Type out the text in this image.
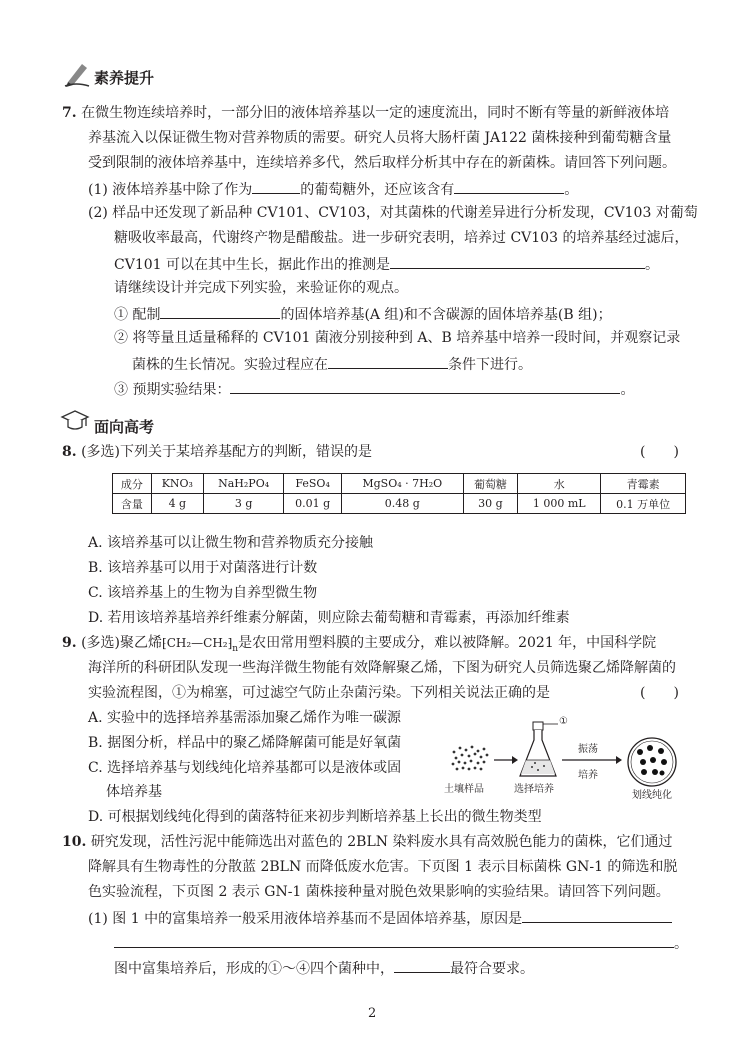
素养提升
7. 在微生物连续培养时，一部分旧的液体培养基以一定的速度流出，同时不断有等量的新鲜液体培
养基流入以保证微生物对营养物质的需要。研究人员将大肠杆菌 JA122 菌株接种到葡萄糖含量
受到限制的液体培养基中，连续培养多代，然后取样分析其中存在的新菌株。请回答下列问题。
(1) 液体培养基中除了作为	的葡萄糖外，还应该含有	。
(2) 样品中还发现了新品种 CV101、CV103，对其菌株的代谢差异进行分析发现，CV103 对葡萄
糖吸收率最高，代谢终产物是醋酸盐。进一步研究表明，培养过 CV103 的培养基经过滤后，
CV101 可以在其中生长，据此作出的推测是	。
请继续设计并完成下列实验，来验证你的观点。
① 配制	的固体培养基(A 组)和不含碳源的固体培养基(B 组)；
② 将等量且适量稀释的 CV101 菌液分别接种到 A、B 培养基中培养一段时间，并观察记录
菌株的生长情况。实验过程应在	条件下进行。
③ 预期实验结果：	。
面向高考
8. (多选)下列关于某培养基配方的判断，错误的是	(　　)
成分	KNO₃	NaH₂PO₄	FeSO₄	MgSO₄ · 7H₂O	葡萄糖	水	青霉素
含量	4 g	3 g	0.01 g	0.48 g	30 g	1 000 mL	0.1 万单位
A. 该培养基可以让微生物和营养物质充分接触
B. 该培养基可以用于对菌落进行计数
C. 该培养基上的生物为自养型微生物
D. 若用该培养基培养纤维素分解菌，则应除去葡萄糖和青霉素，再添加纤维素
9. (多选)聚乙烯$⁅CH_2—CH_2⁆_n$是农田常用塑料膜的主要成分，难以被降解。2021 年，中国科学院
海洋所的科研团队发现一些海洋微生物能有效降解聚乙烯，下图为研究人员筛选聚乙烯降解菌的
实验流程图，①为棉塞，可过滤空气防止杂菌污染。下列相关说法正确的是	(　　)
A. 实验中的选择培养基需添加聚乙烯作为唯一碳源
B. 据图分析，样品中的聚乙烯降解菌可能是好氧菌
C. 选择培养基与划线纯化培养基都可以是液体或固
体培养基
①
土壤样品	选择培养
振荡
培养
划线纯化
D. 可根据划线纯化得到的菌落特征来初步判断培养基上长出的微生物类型
10. 研究发现，活性污泥中能筛选出对蓝色的 2BLN 染料废水具有高效脱色能力的菌株，它们通过
降解具有生物毒性的分散蓝 2BLN 而降低废水危害。下页图 1 表示目标菌株 GN-1 的筛选和脱
色实验流程，下页图 2 表示 GN-1 菌株接种量对脱色效果影响的实验结果。请回答下列问题。
(1) 图 1 中的富集培养一般采用液体培养基而不是固体培养基，原因是
。
图中富集培养后，形成的①～④四个菌种中，	最符合要求。
2
